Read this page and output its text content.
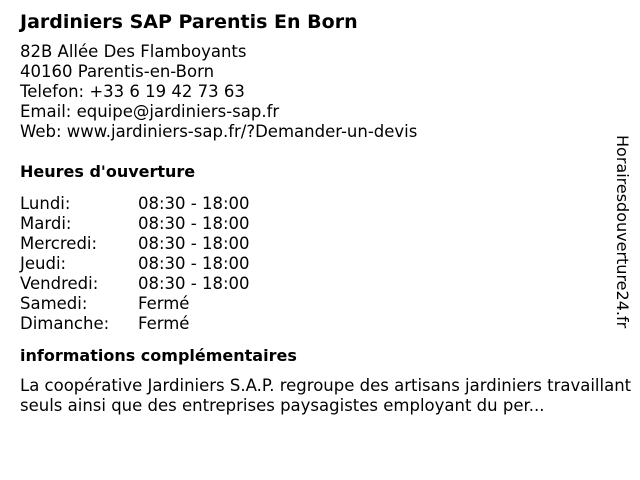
Jardiniers SAP Parentis En Born
82B Allée Des Flamboyants
40160 Parentis-en-Born
Telefon: +33 6 19 42 73 63
Email: equipe@jardiniers-sap.fr
Web: www.jardiniers-sap.fr/?Demander-un-devis
Heures d'ouverture
Lundi:	08:30 - 18:00
Mardi:	08:30 - 18:00
Mercredi:	08:30 - 18:00
Jeudi:	08:30 - 18:00
Vendredi:	08:30 - 18:00
Samedi:	Fermé
Dimanche:	Fermé
informations complémentaires
La coopérative Jardiniers S.A.P. regroupe des artisans jardiniers travaillant seuls ainsi que des entreprises paysagistes employant du per...
Horairesdouverture24.fr
